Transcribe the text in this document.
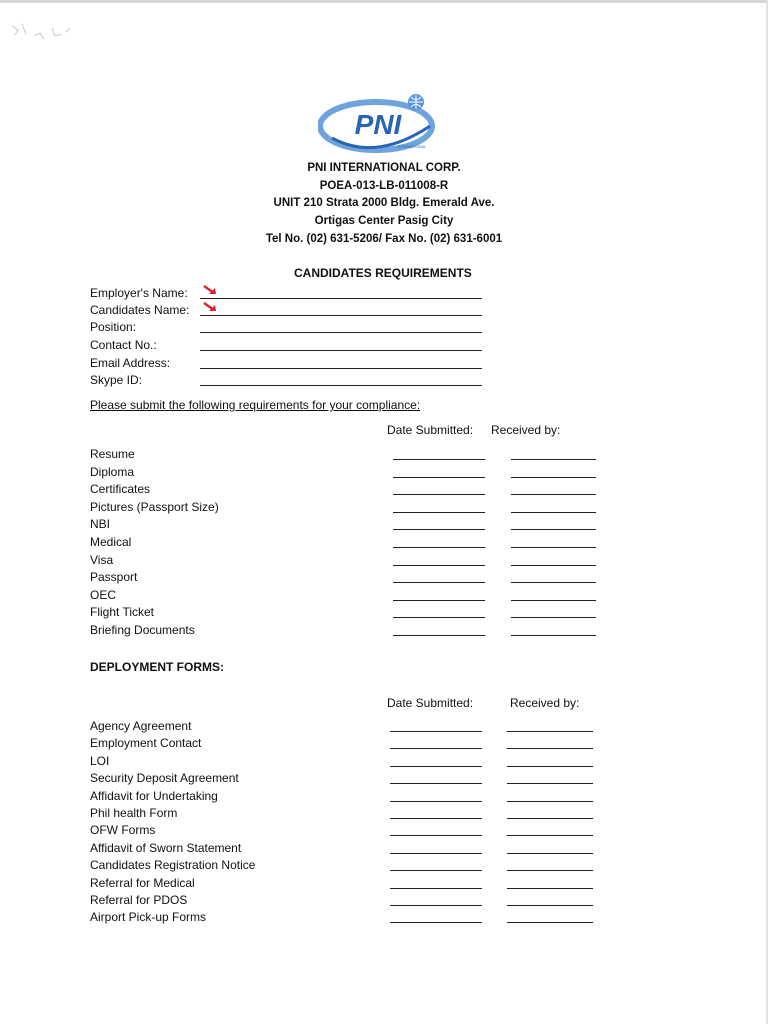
PNI
INTERNATIONAL
PNI INTERNATIONAL CORP.
POEA-013-LB-011008-R
UNIT 210 Strata 2000 Bldg. Emerald Ave.
Ortigas Center Pasig City
Tel No. (02) 631-5206/ Fax No. (02) 631-6001
CANDIDATES REQUIREMENTS
Employer's Name:
Candidates Name:
Position:
Contact No.:
Email Address:
Skype ID:
Please submit the following requirements for your compliance:
Date Submitted: Received by:
Resume
Diploma
Certificates
Pictures (Passport Size)
NBI
Medical
Visa
Passport
OEC
Flight Ticket
Briefing Documents
DEPLOYMENT FORMS:
Date Submitted:	Received by:
Agency Agreement
Employment Contact
LOI
Security Deposit Agreement
Affidavit for Undertaking
Phil health Form
OFW Forms
Affidavit of Sworn Statement
Candidates Registration Notice
Referral for Medical
Referral for PDOS
Airport Pick-up Forms
